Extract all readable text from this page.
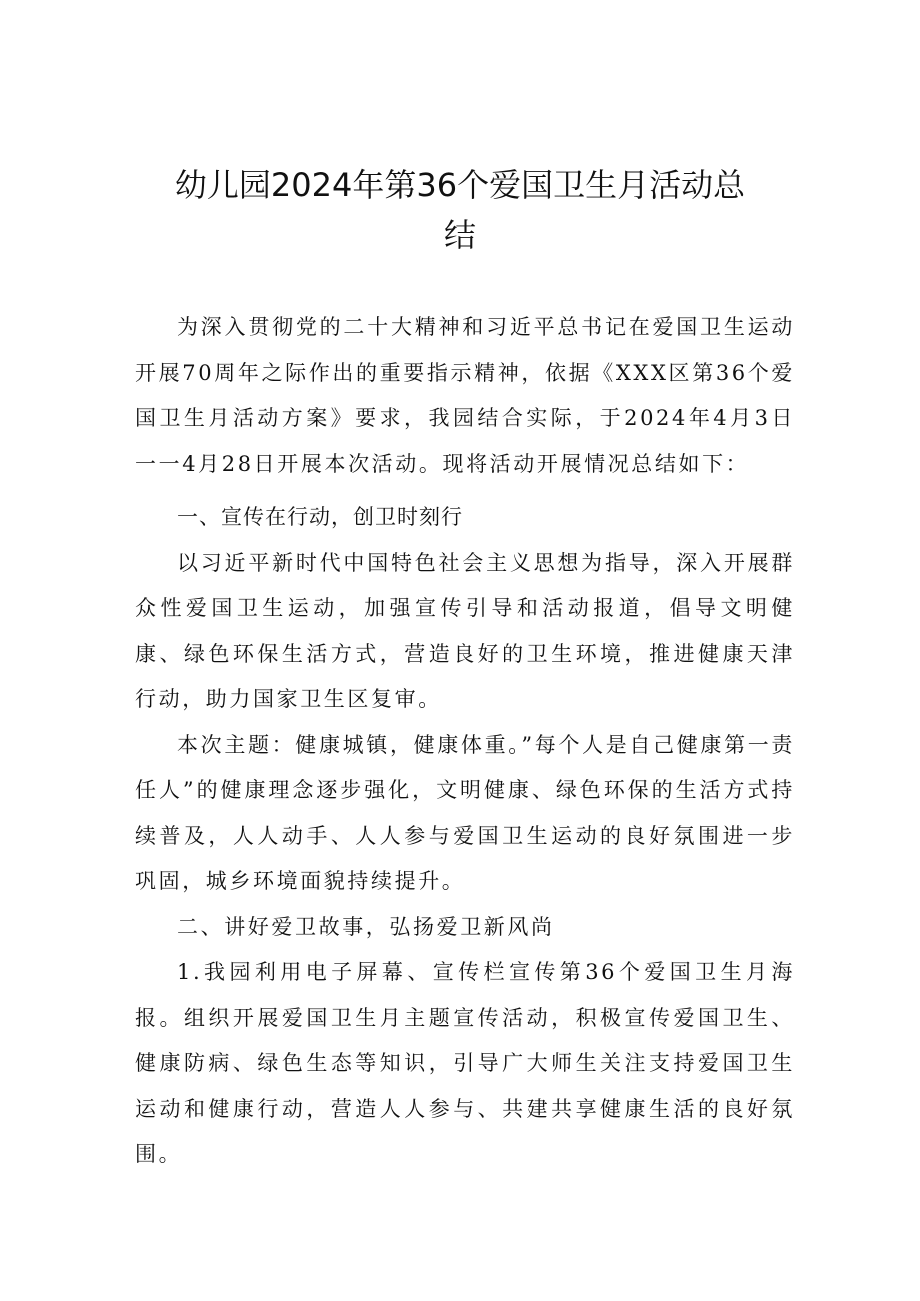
幼儿园2024年第36个爱国卫生月活动总
结

为深入贯彻党的二十大精神和习近平总书记在爱国卫生运动开展70周年之际作出的重要指示精神，依据《XXX区第36个爱国卫生月活动方案》要求，我园结合实际，于2024年4月3日一一4月28日开展本次活动。现将活动开展情况总结如下：

一、宣传在行动，创卫时刻行

以习近平新时代中国特色社会主义思想为指导，深入开展群众性爱国卫生运动，加强宣传引导和活动报道，倡导文明健康、绿色环保生活方式，营造良好的卫生环境，推进健康天津行动，助力国家卫生区复审。

本次主题：健康城镇，健康体重。”每个人是自己健康第一责任人”的健康理念逐步强化，文明健康、绿色环保的生活方式持续普及，人人动手、人人参与爱国卫生运动的良好氛围进一步巩固，城乡环境面貌持续提升。

二、讲好爱卫故事，弘扬爱卫新风尚

1.我园利用电子屏幕、宣传栏宣传第36个爱国卫生月海报。组织开展爱国卫生月主题宣传活动，积极宣传爱国卫生、健康防病、绿色生态等知识，引导广大师生关注支持爱国卫生运动和健康行动，营造人人参与、共建共享健康生活的良好氛围。
